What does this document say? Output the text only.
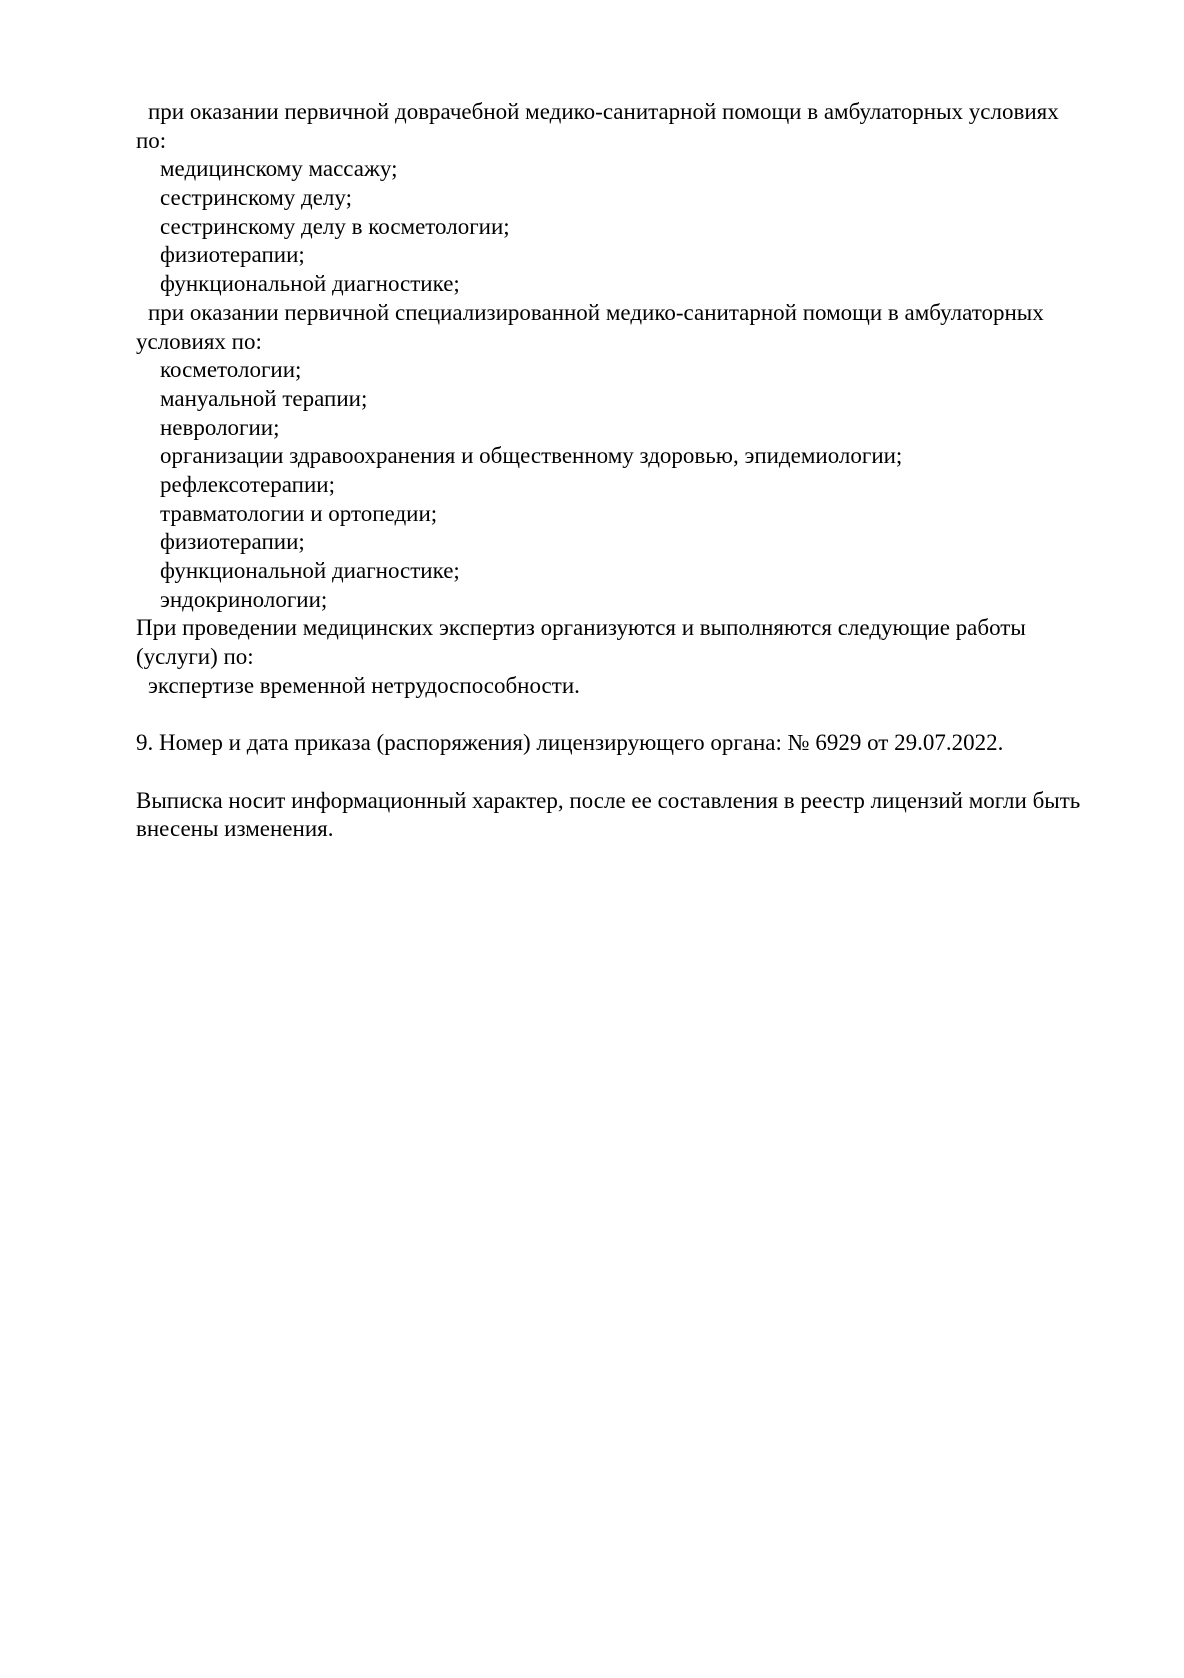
при оказании первичной доврачебной медико-санитарной помощи в амбулаторных условиях
по:
медицинскому массажу;
сестринскому делу;
сестринскому делу в косметологии;
физиотерапии;
функциональной диагностике;
при оказании первичной специализированной медико-санитарной помощи в амбулаторных
условиях по:
косметологии;
мануальной терапии;
неврологии;
организации здравоохранения и общественному здоровью, эпидемиологии;
рефлексотерапии;
травматологии и ортопедии;
физиотерапии;
функциональной диагностике;
эндокринологии;
При проведении медицинских экспертиз организуются и выполняются следующие работы
(услуги) по:
экспертизе временной нетрудоспособности.
9. Номер и дата приказа (распоряжения) лицензирующего органа: № 6929 от 29.07.2022.
Выписка носит информационный характер, после ее составления в реестр лицензий могли быть
внесены изменения.
